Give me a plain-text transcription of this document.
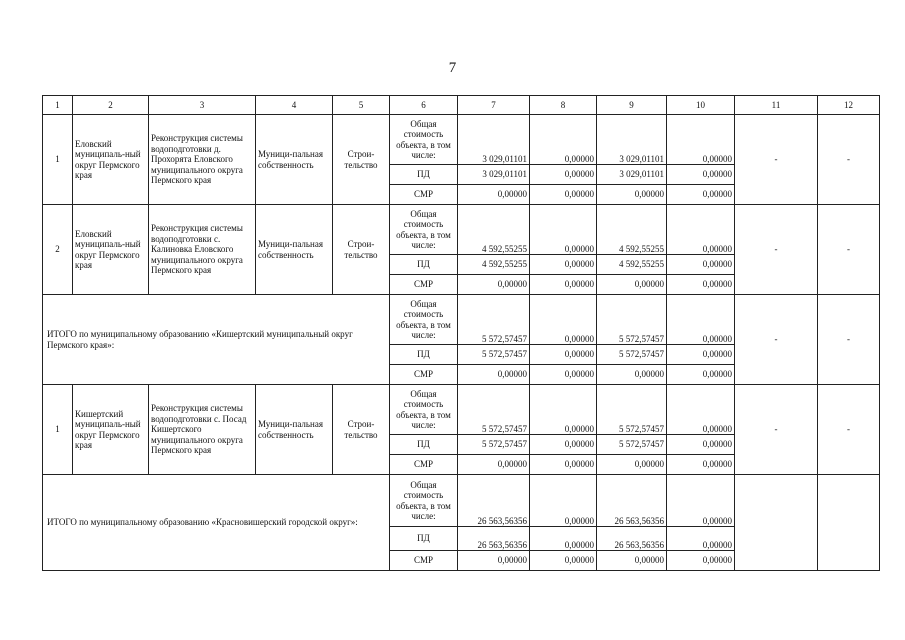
7
1	2	3	4	5	6	7	8	9	10	11	12
1	Еловский муниципаль-ный округ Пермского края	Реконструкция системы водоподготовки д. Прохорята Еловского муниципального округа Пермского края	Муници-пальная собственность	Строи-тельство	Общая стоимость объекта, в том числе:	3 029,01101	0,00000	3 029,01101	0,00000	-	-
					ПД	3 029,01101	0,00000	3 029,01101	0,00000		
					СМР	0,00000	0,00000	0,00000	0,00000		
2	Еловский муниципаль-ный округ Пермского края	Реконструкция системы водоподготовки с. Калиновка Еловского муниципального округа Пермского края	Муници-пальная собственность	Строи-тельство	Общая стоимость объекта, в том числе:	4 592,55255	0,00000	4 592,55255	0,00000	-	-
					ПД	4 592,55255	0,00000	4 592,55255	0,00000		
					СМР	0,00000	0,00000	0,00000	0,00000		
ИТОГО по муниципальному образованию «Кишертский муниципальный округ Пермского края»:					Общая стоимость объекта, в том числе:	5 572,57457	0,00000	5 572,57457	0,00000	-	-
					ПД	5 572,57457	0,00000	5 572,57457	0,00000		
					СМР	0,00000	0,00000	0,00000	0,00000		
1	Кишертский муниципаль-ный округ Пермского края	Реконструкция системы водоподготовки с. Посад Кишертского муниципального округа Пермского края	Муници-пальная собственность	Строи-тельство	Общая стоимость объекта, в том числе:	5 572,57457	0,00000	5 572,57457	0,00000	-	-
					ПД	5 572,57457	0,00000	5 572,57457	0,00000		
					СМР	0,00000	0,00000	0,00000	0,00000		
ИТОГО по муниципальному образованию «Красновишерский городской округ»:					Общая стоимость объекта, в том числе:	26 563,56356	0,00000	26 563,56356	0,00000		
					ПД	26 563,56356	0,00000	26 563,56356	0,00000		
					СМР	0,00000	0,00000	0,00000	0,00000		
